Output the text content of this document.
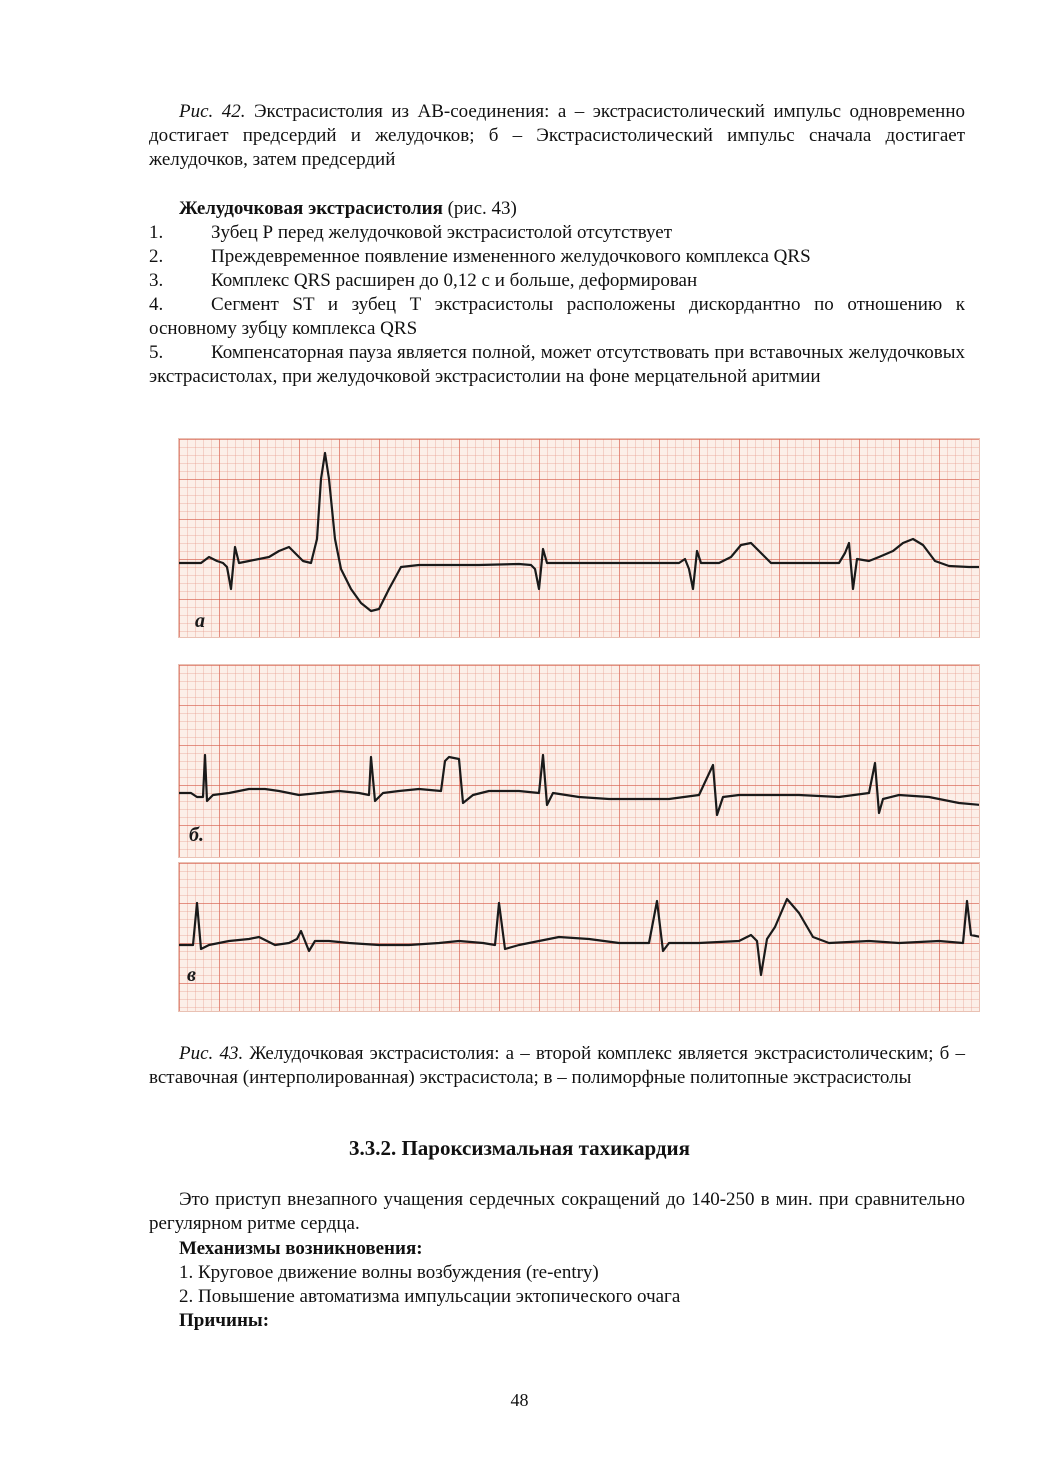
Рис. 42. Экстрасистолия из АВ-соединения: а – экстрасистолический импульс одновременно достигает предсердий и желудочков; б – Экстрасистолический импульс сначала достигает желудочков, затем предсердий
Желудочковая экстрасистолия (рис. 43)
1.	Зубец Р перед желудочковой экстрасистолой отсутствует
2.	Преждевременное появление измененного желудочкового комплекса QRS
3.	Комплекс QRS расширен до 0,12 с и больше, деформирован
4.	Сегмент ST и зубец Т экстрасистолы расположены дискордантно по отношению к основному зубцу комплекса QRS
5.	Компенсаторная пауза является полной, может отсутствовать при вставочных желудочковых экстрасистолах, при желудочковой экстрасистолии на фоне мерцательной аритмии
а
б.
в
Рис. 43. Желудочковая экстрасистолия: а – второй комплекс является экстрасистолическим; б – вставочная (интерполированная) экстрасистола; в – полиморфные политопные экстрасистолы
3.3.2. Пароксизмальная тахикардия
Это приступ внезапного учащения сердечных сокращений до 140-250 в мин. при сравнительно регулярном ритме сердца.
Механизмы возникновения:
1. Круговое движение волны возбуждения (re-entry)
2. Повышение автоматизма импульсации эктопического очага
Причины:
48
